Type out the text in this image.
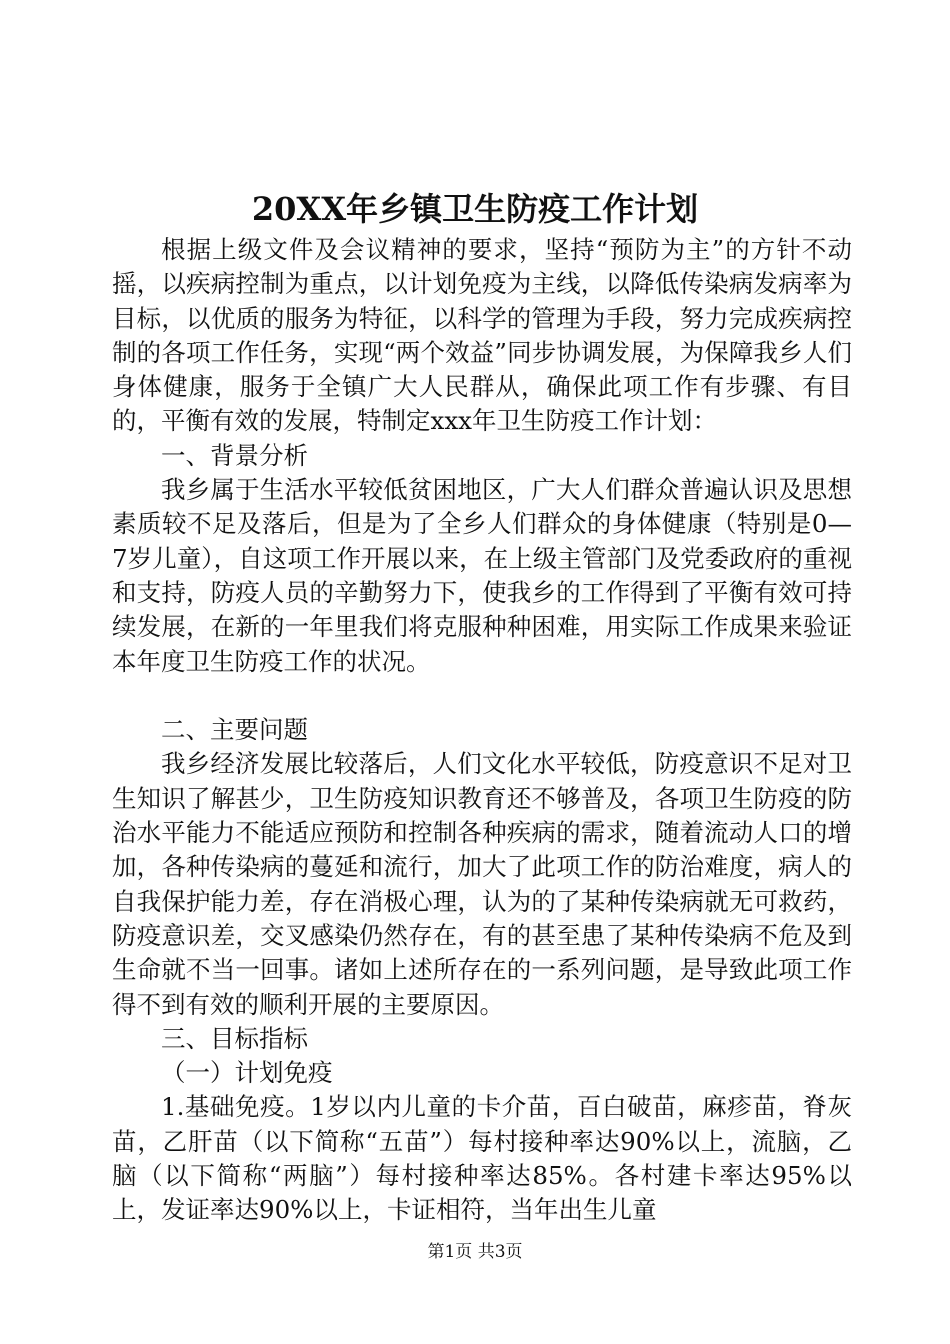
20XX年乡镇卫生防疫工作计划

根据上级文件及会议精神的要求，坚持“预防为主”的方针不动摇，以疾病控制为重点，以计划免疫为主线，以降低传染病发病率为目标，以优质的服务为特征，以科学的管理为手段，努力完成疾病控制的各项工作任务，实现“两个效益”同步协调发展，为保障我乡人们身体健康，服务于全镇广大人民群从，确保此项工作有步骤、有目的，平衡有效的发展，特制定xxx年卫生防疫工作计划：

一、背景分析

我乡属于生活水平较低贫困地区，广大人们群众普遍认识及思想素质较不足及落后，但是为了全乡人们群众的身体健康（特别是0—7岁儿童），自这项工作开展以来，在上级主管部门及党委政府的重视和支持，防疫人员的辛勤努力下，使我乡的工作得到了平衡有效可持续发展，在新的一年里我们将克服种种困难，用实际工作成果来验证本年度卫生防疫工作的状况。

二、主要问题

我乡经济发展比较落后，人们文化水平较低，防疫意识不足对卫生知识了解甚少，卫生防疫知识教育还不够普及，各项卫生防疫的防治水平能力不能适应预防和控制各种疾病的需求，随着流动人口的增加，各种传染病的蔓延和流行，加大了此项工作的防治难度，病人的自我保护能力差，存在消极心理，认为的了某种传染病就无可救药，防疫意识差，交叉感染仍然存在，有的甚至患了某种传染病不危及到生命就不当一回事。诸如上述所存在的一系列问题，是导致此项工作得不到有效的顺利开展的主要原因。

三、目标指标

（一）计划免疫

1.基础免疫。1岁以内儿童的卡介苗，百白破苗，麻疹苗，脊灰苗，乙肝苗（以下简称“五苗”）每村接种率达90%以上，流脑，乙脑（以下简称“两脑”）每村接种率达85%。各村建卡率达95%以上，发证率达90%以上，卡证相符，当年出生儿童

第1页 共3页
